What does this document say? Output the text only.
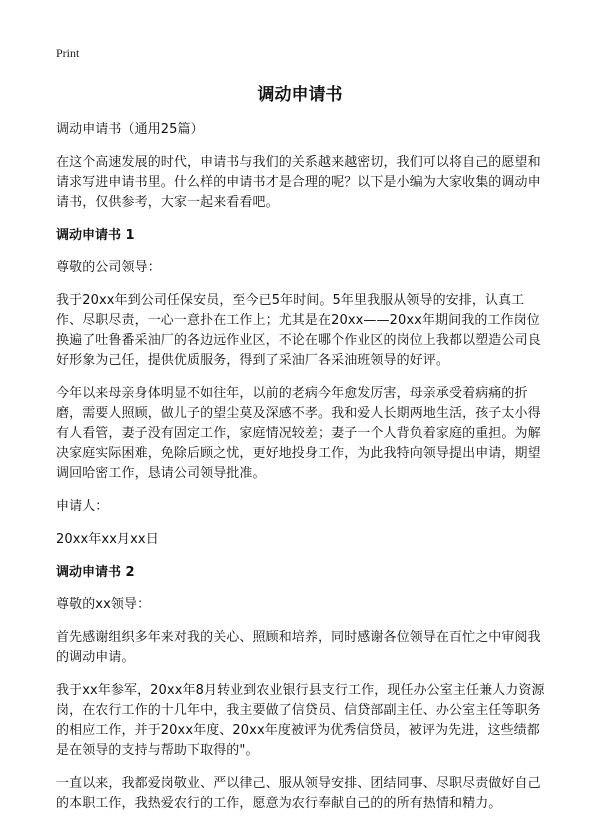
Print
调动申请书

调动申请书（通用25篇）

在这个高速发展的时代，申请书与我们的关系越来越密切，我们可以将自己的愿望和请求写进申请书里。什么样的申请书才是合理的呢？以下是小编为大家收集的调动申请书，仅供参考，大家一起来看看吧。

调动申请书 1

尊敬的公司领导：

我于20xx年到公司任保安员，至今已5年时间。5年里我服从领导的安排，认真工作、尽职尽责，一心一意扑在工作上；尤其是在20xx——20xx年期间我的工作岗位换遍了吐鲁番采油厂的各边远作业区，不论在哪个作业区的岗位上我都以塑造公司良好形象为己任，提供优质服务，得到了采油厂各采油班领导的好评。

今年以来母亲身体明显不如往年，以前的老病今年愈发厉害，母亲承受着病痛的折磨，需要人照顾，做儿子的望尘莫及深感不孝。我和爱人长期两地生活，孩子太小得有人看管，妻子没有固定工作，家庭情况较差；妻子一个人背负着家庭的重担。为解决家庭实际困难，免除后顾之忧，更好地投身工作，为此我特向领导提出申请，期望调回哈密工作，恳请公司领导批准。

申请人：

20xx年xx月xx日

调动申请书 2

尊敬的xx领导：

首先感谢组织多年来对我的关心、照顾和培养，同时感谢各位领导在百忙之中审阅我的调动申请。

我于xx年参军，20xx年8月转业到农业银行县支行工作，现任办公室主任兼人力资源岗，在农行工作的十几年中，我主要做了信贷员、信贷部副主任、办公室主任等职务的相应工作，并于20xx年度、20xx年度被评为优秀信贷员，被评为先进，这些绩都是在领导的支持与帮助下取得的"。

一直以来，我都爱岗敬业、严以律己、服从领导安排、团结同事、尽职尽责做好自己的本职工作，我热爱农行的工作，愿意为农行奉献自己的的所有热情和精力。
